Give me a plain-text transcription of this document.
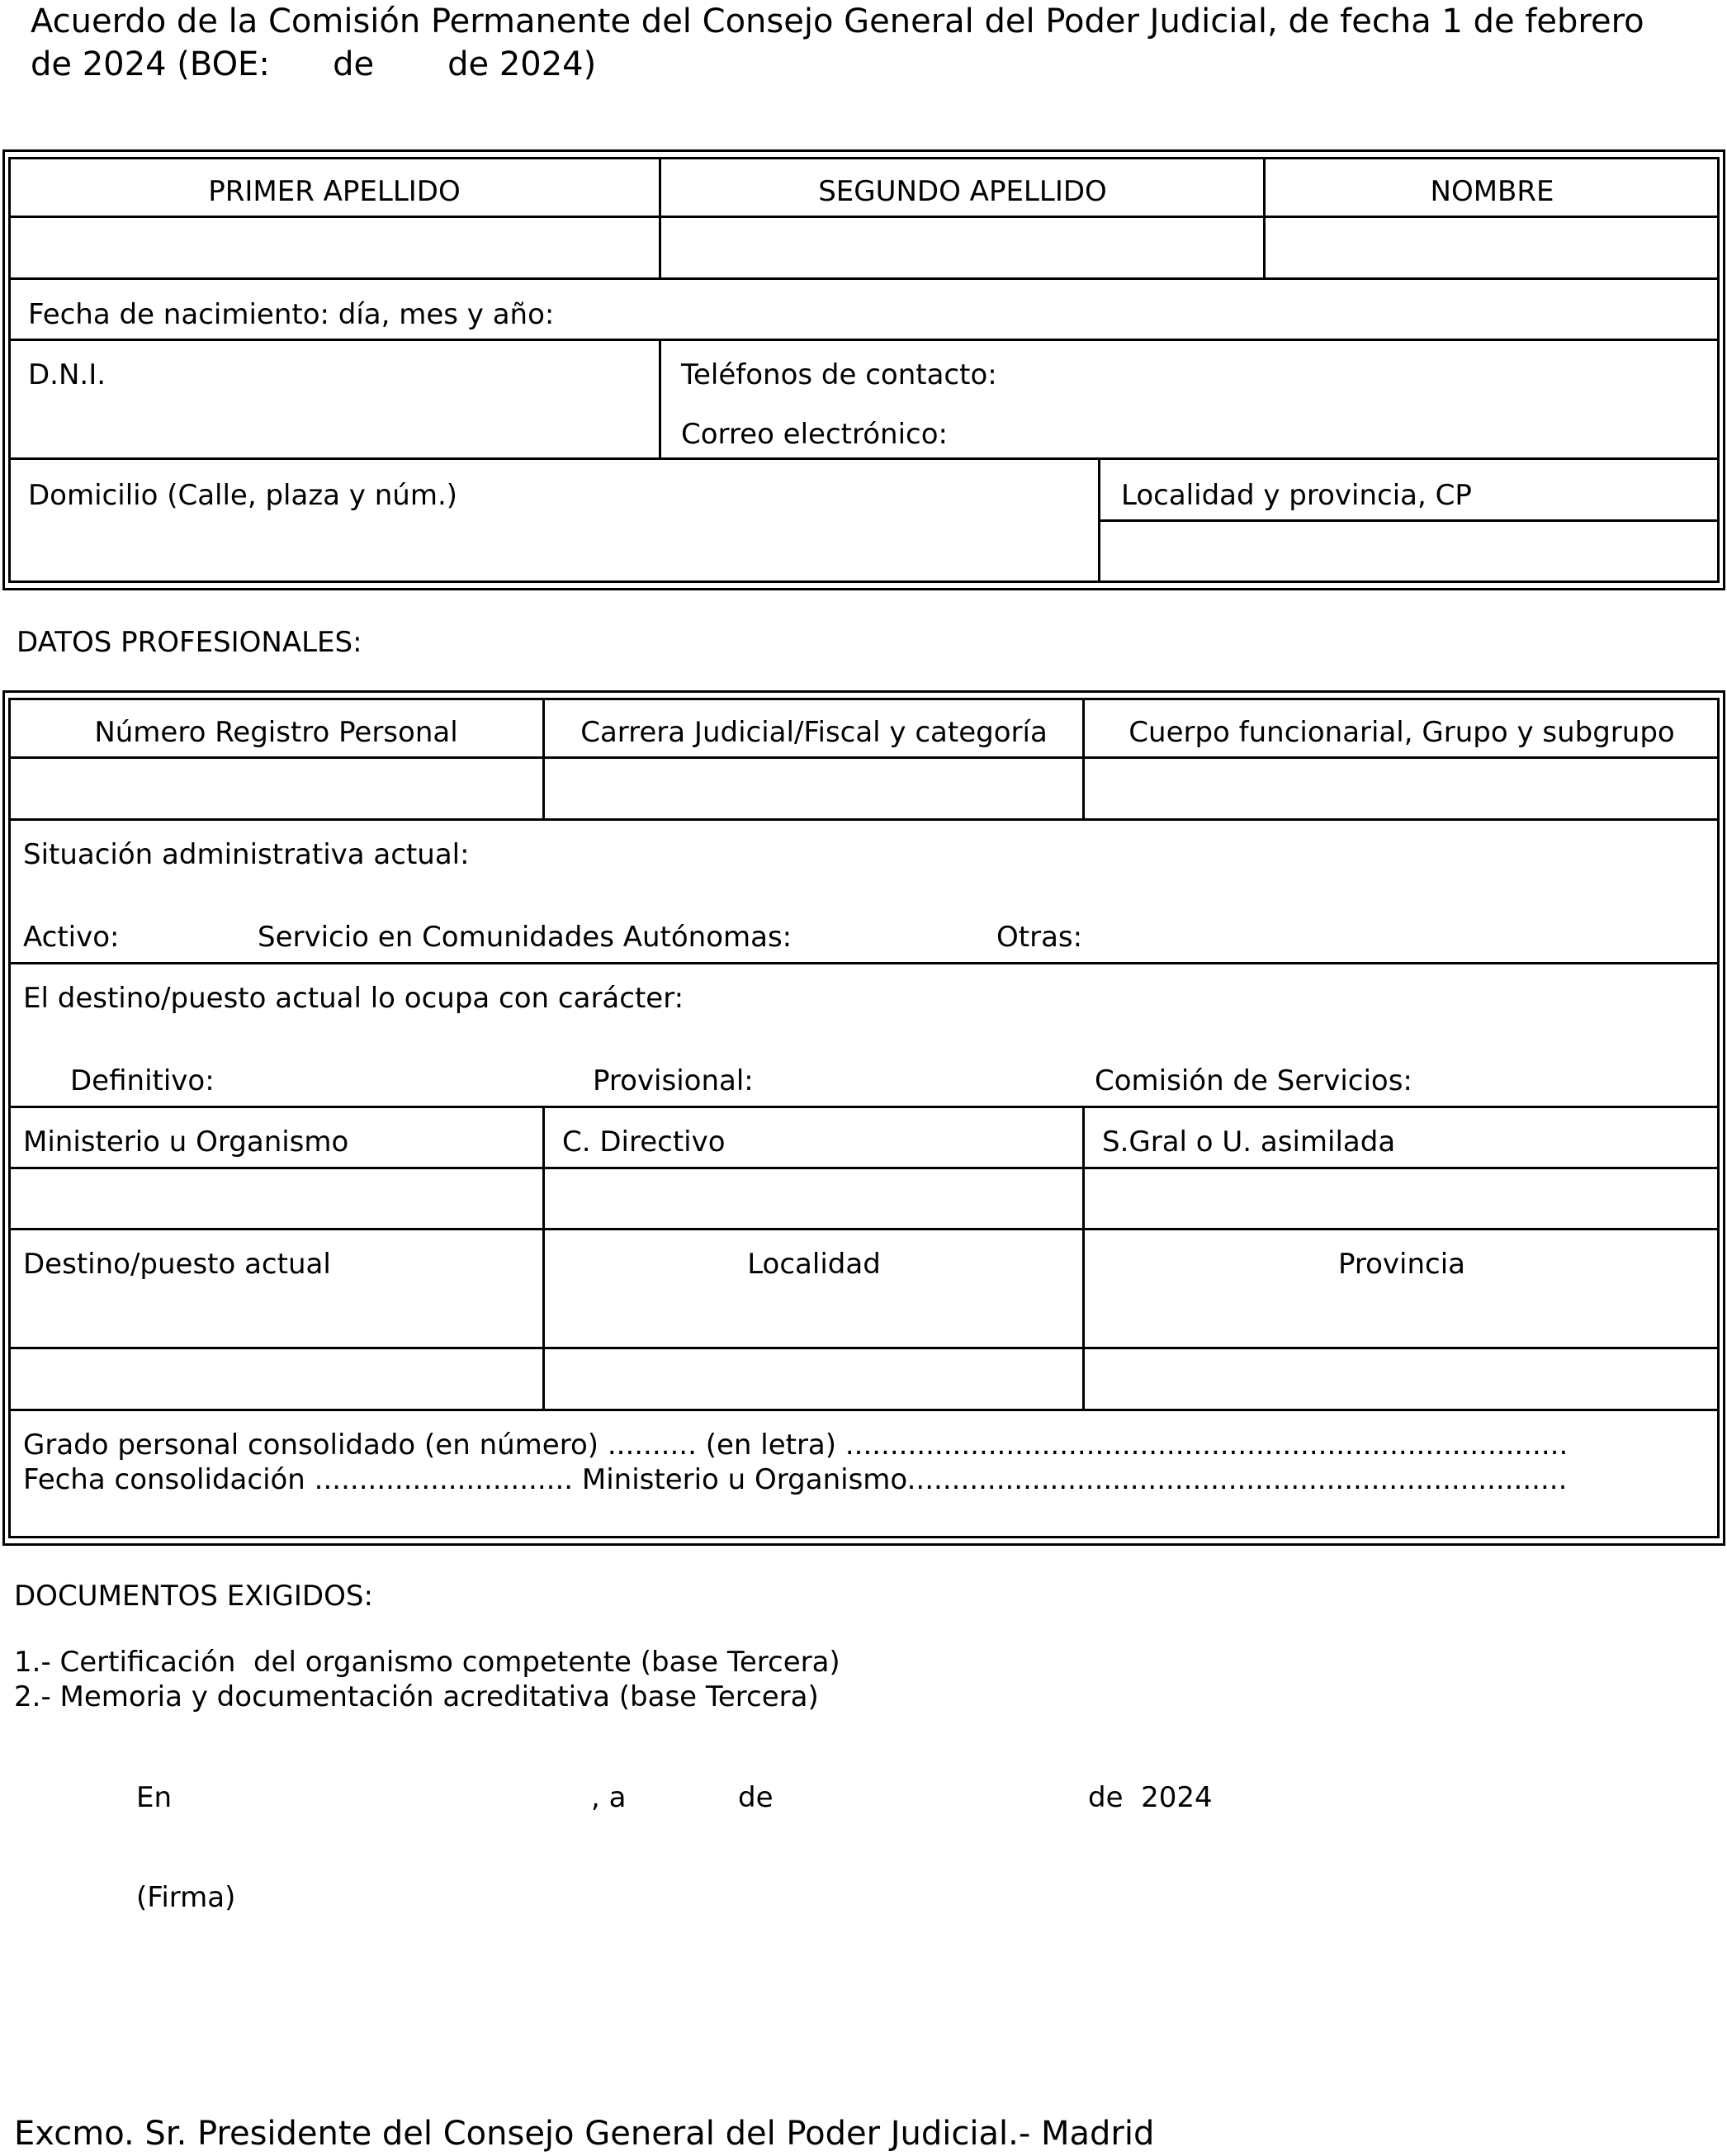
Acuerdo de la Comisión Permanente del Consejo General del Poder Judicial, de fecha 1 de febrero
de 2024 (BOE:      de       de 2024)
PRIMER APELLIDO	SEGUNDO APELLIDO	NOMBRE
Fecha de nacimiento: día, mes y año:
D.N.I.	Teléfonos de contacto:
Correo electrónico:
Domicilio (Calle, plaza y núm.)	Localidad y provincia, CP
DATOS PROFESIONALES:
Número Registro Personal	Carrera Judicial/Fiscal y categoría	Cuerpo funcionarial, Grupo y subgrupo
Situación administrativa actual:
Activo:	Servicio en Comunidades Autónomas:	Otras:
El destino/puesto actual lo ocupa con carácter:
Definitivo:	Provisional:	Comisión de Servicios:
Ministerio u Organismo	C. Directivo	S.Gral o U. asimilada
Destino/puesto actual	Localidad	Provincia
Grado personal consolidado (en número) .......... (en letra) .................................................................................
Fecha consolidación ............................. Ministerio u Organismo..........................................................................
DOCUMENTOS EXIGIDOS:
1.- Certificación  del organismo competente (base Tercera)
2.- Memoria y documentación acreditativa (base Tercera)
En	, a	de	de  2024
(Firma)
Excmo. Sr. Presidente del Consejo General del Poder Judicial.- Madrid
